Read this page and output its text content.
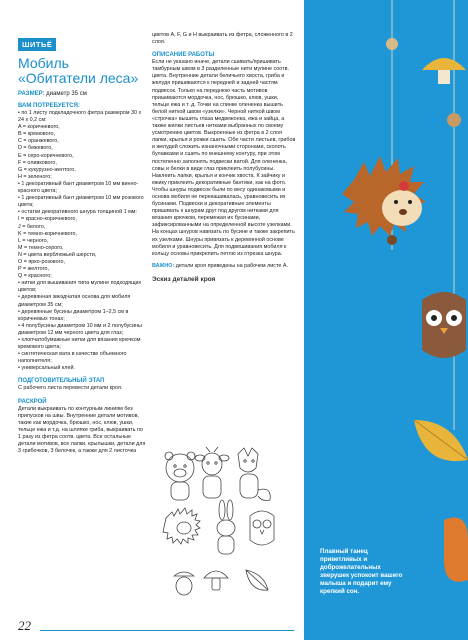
ШИТЬЁ
Мобиль
«Обитатели леса»
РАЗМЕР: диаметр 35 см
ВАМ ПОТРЕБУЕТСЯ:
• по 1 листу подкладочного фетра размером 30 х 24 х 0,2 см:
A = коричневого,
B = кремового,
C = оранжевого,
D = бежевого,
E = серо-коричневого,
F = оливкового,
G = кукурузно-желтого,
H = зеленого;
• 1 декоративный бант диаметром 10 мм винно-красного цвета;
• 1 декоративный бант диаметром 10 мм розового цвета;
• остатки декоративного шнура толщиной 1 мм:
I = красно-коричневого,
J = белого,
K = темно-коричневого,
L = черного,
M = темно-серого,
N = цвета верблюжьей шерсти,
O = ярко-розового,
P = желтого,
Q = красного;
• нитки для вышивания типа мулине подходящих цветов;
• деревянная звездчатая основа для мобиля диаметром 35 см;
• деревянные бусины диаметром 1–2,5 см в коричневых тонах;
• 4 полубусины диаметром 10 мм и 2 полубусины диаметром 12 мм черного цвета для глаз;
• хлопчатобумажные нитки для вязания крючком кремового цвета;
• синтетическая вата в качестве объемного наполнителя;
• универсальный клей.
ПОДГОТОВИТЕЛЬНЫЙ ЭТАП
С рабочего листа перевести детали кроя.
РАСКРОЙ
Детали выкраивать по контурным линиям без припусков на швы. Внутренние детали мотивов, такие как мордочка, брюшко, нос, клюв, ушки, тельце ежа и т.д. на шляпке гриба, выкраивать по 1 разу из фетра соотв. цвета. Все остальные детали мотивов, все лапки, крылышки, детали для 3 грибочков, 3 белочек, а также для 2 листочка
цветов A, F, G и H выкраивать из фетра, сложенного в 2 слоя.
ОПИСАНИЕ РАБОТЫ
Если не указано иначе, детали сшивать/пришивать тамбурным швом в 3 разделенные нити мулине соотв. цвета. Внутренние детали беличьего хвоста, гриба и желудя пришиваются к передней и задней частям подвесок. Только на переднюю часть мотивов пришиваются мордочка, нос, брюшко, клюв, ушки, тельце ежа и т. д. Точки на спинке олененка вышить белой ниткой швом «узелки». Черной ниткой швом «строчка» вышить глаза медвежонка, ежа и зайца, а также жилки листьев нитками выбранных по своему усмотрению цветов. Выкроенные из фетра в 2 слоя лапки, крылья и рожки сшить. Обе части листьев, грибов и желудей сложить изнаночными сторонами, сколоть булавками и сшить по внешнему контуру, при этом постепенно заполнять подвески ватой. Для олененка, совы и белки в виде глаз приклеить полубусины. Наклеить лапки, крылья и кончик хвоста. К зайчику и ежику приклеить декоративные бантики, как на фото. Чтобы шнуры подвесок были по весу одинаковыми и основа мобиля не перекашивалась, уравновесить их бусинами. Подвески и декоративные элементы пришивать к шнурам друг под другом нитками для вязания крючком, перемежая их бусинами, зафиксированными на определенной высоте узелками. На концах шнуров навязать по бусине и также закрепить их узелками. Шнуры привязать к деревянной основе мобиля и уравновесить. Для подвешивания мобиля к кольцу основы прикрепить петлю из отрезка шнура.
ВАЖНО: детали кроя приведены на рабочем листе A.
Эскиз деталей кроя
22
Плавный танец приветливых и доброжелательных зверушек успокоит вашего малыша и подарит ему крепкий сон.
